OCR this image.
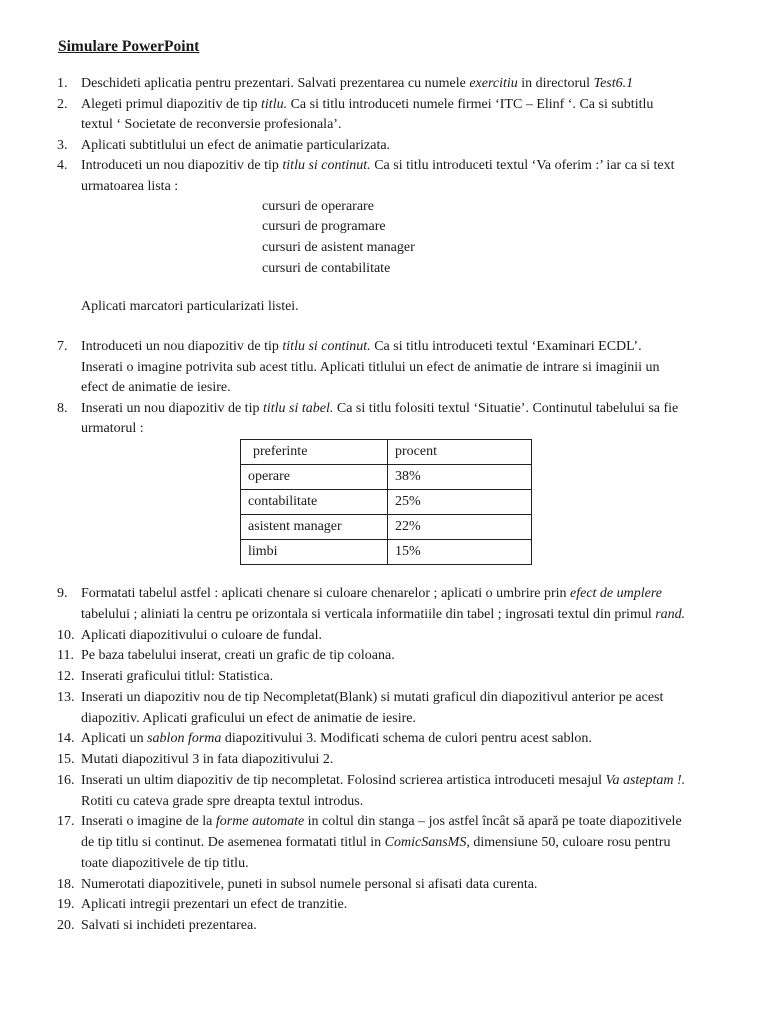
Simulare PowerPoint
1. Deschideti aplicatia pentru prezentari. Salvati prezentarea cu numele exercitiu in directorul Test6.1
2. Alegeti primul diapozitiv de tip titlu. Ca si titlu introduceti numele firmei ‘ITC – Elinf ‘. Ca si subtitlu
textul ‘ Societate de reconversie profesionala’.
3. Aplicati subtitlului un efect de animatie particularizata.
4. Introduceti un nou diapozitiv de tip titlu si continut. Ca si titlu introduceti textul ‘Va oferim :’ iar ca si text
urmatoarea lista :
cursuri de operarare
cursuri de programare
cursuri de asistent manager
cursuri de contabilitate
Aplicati marcatori particularizati listei.
7. Introduceti un nou diapozitiv de tip titlu si continut. Ca si titlu introduceti textul ‘Examinari ECDL’.
Inserati o imagine potrivita sub acest titlu. Aplicati titlului un efect de animatie de intrare si imaginii un
efect de animatie de iesire.
8. Inserati un nou diapozitiv de tip titlu si tabel. Ca si titlu folositi textul ‘Situatie’. Continutul tabelului sa fie
urmatorul :
preferinte	procent
operare	38%
contabilitate	25%
asistent manager	22%
limbi	15%
9. Formatati tabelul astfel : aplicati chenare si culoare chenarelor ; aplicati o umbrire prin efect de umplere
tabelului ; aliniati la centru pe orizontala si verticala informatiile din tabel ; ingrosati textul din primul rand.
10. Aplicati diapozitivului o culoare de fundal.
11. Pe baza tabelului inserat, creati un grafic de tip coloana.
12. Inserati graficului titlul: Statistica.
13. Inserati un diapozitiv nou de tip Necompletat(Blank) si mutati graficul din diapozitivul anterior pe acest
diapozitiv. Aplicati graficului un efect de animatie de iesire.
14. Aplicati un sablon forma diapozitivului 3. Modificati schema de culori pentru acest sablon.
15. Mutati diapozitivul 3 in fata diapozitivului 2.
16. Inserati un ultim diapozitiv de tip necompletat. Folosind scrierea artistica introduceti mesajul Va asteptam !.
Rotiti cu cateva grade spre dreapta textul introdus.
17. Inserati o imagine de la forme automate in coltul din stanga – jos astfel încât să apară pe toate diapozitivele
de tip titlu si continut. De asemenea formatati titlul in ComicSansMS, dimensiune 50, culoare rosu pentru
toate diapozitivele de tip titlu.
18. Numerotati diapozitivele, puneti in subsol numele personal si afisati data curenta.
19. Aplicati intregii prezentari un efect de tranzitie.
20. Salvati si inchideti prezentarea.
